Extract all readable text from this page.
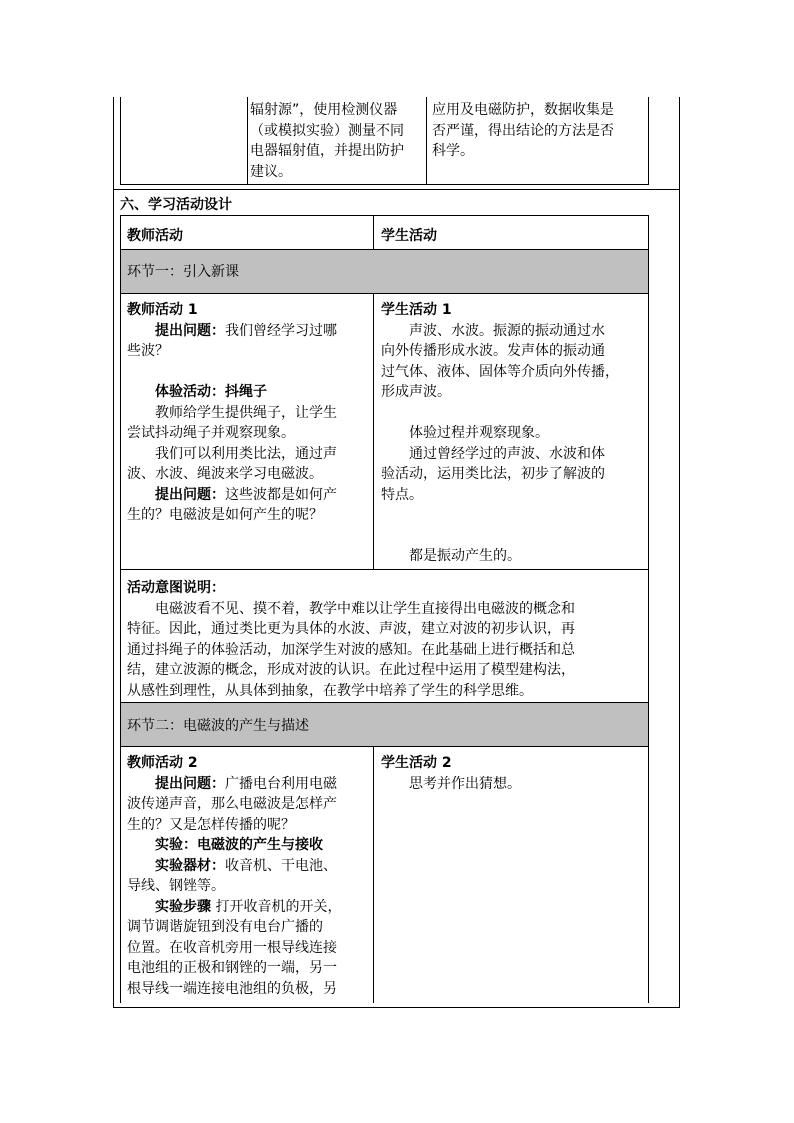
辐射源”，使用检测仪器

（或模拟实验）测量不同

电器辐射值，并提出防护

建议。

应用及电磁防护，数据收集是

否严谨，得出结论的方法是否

科学。

六、学习活动设计

教师活动	学生活动

环节一：引入新课

教师活动 1

提出问题：我们曾经学习过哪

些波？

体验活动：抖绳子

教师给学生提供绳子，让学生

尝试抖动绳子并观察现象。

我们可以利用类比法，通过声

波、水波、绳波来学习电磁波。

提出问题：这些波都是如何产

生的？电磁波是如何产生的呢？

学生活动 1

声波、水波。振源的振动通过水

向外传播形成水波。发声体的振动通

过气体、液体、固体等介质向外传播，

形成声波。

体验过程并观察现象。

通过曾经学过的声波、水波和体

验活动，运用类比法，初步了解波的

特点。

都是振动产生的。

活动意图说明：

电磁波看不见、摸不着，教学中难以让学生直接得出电磁波的概念和

特征。因此，通过类比更为具体的水波、声波，建立对波的初步认识，再

通过抖绳子的体验活动，加深学生对波的感知。在此基础上进行概括和总

结，建立波源的概念，形成对波的认识。在此过程中运用了模型建构法，

从感性到理性，从具体到抽象，在教学中培养了学生的科学思维。

环节二：电磁波的产生与描述

教师活动 2

提出问题：广播电台利用电磁

波传递声音，那么电磁波是怎样产

生的？又是怎样传播的呢？

实验：电磁波的产生与接收

实验器材：收音机、干电池、

导线、钢锉等。

实验步骤 打开收音机的开关，

调节调谐旋钮到没有电台广播的

位置。在收音机旁用一根导线连接

电池组的正极和钢锉的一端，另一

根导线一端连接电池组的负极，另

学生活动 2

思考并作出猜想。
